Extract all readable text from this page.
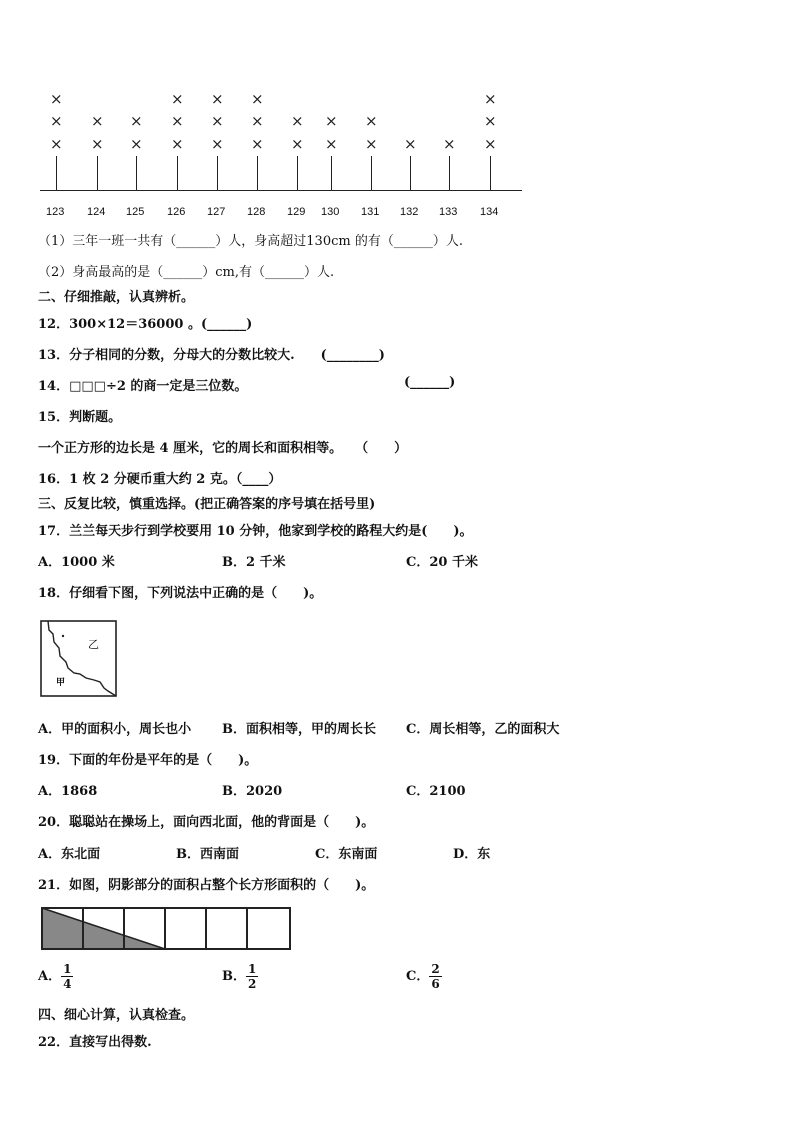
123
×
×
×
124
×
×
125
×
×
126
×
×
×
127
×
×
×
128
×
×
×
129
×
×
130
×
×
131
×
×
132
×
133
×
134
×
×
×
（1）三年一班一共有（______）人，身高超过130cm 的有（______）人.
（2）身高最高的是（______）cm,有（______）人.
二、仔细推敲，认真辨析。
12．300×12＝36000 。(______)
13．分子相同的分数，分母大的分数比较大.　　(________)
14．□□□÷2 的商一定是三位数。	(______)
15．判断题。
一个正方形的边长是 4 厘米，它的周长和面积相等。　　（　　）
16．1 枚 2 分硬币重大约 2 克。（____）
三、反复比较，慎重选择。(把正确答案的序号填在括号里)
17．兰兰每天步行到学校要用 10 分钟，他家到学校的路程大约是(　　)。
A．1000 米	B．2 千米	C．20 千米
18．仔细看下图，下列说法中正确的是（　　)。
乙
甲
A．甲的面积小，周长也小 B．面积相等，甲的周长长 C．周长相等，乙的面积大
19．下面的年份是平年的是（　　)。
A．1868	B．2020	C．2100
20．聪聪站在操场上，面向西北面，他的背面是（　　)。
A．东北面	B．西南面	C．东南面	D．东
21．如图，阴影部分的面积占整个长方形面积的（　　)。
A． $\frac{1}{4}$	B． $\frac{1}{2}$	C． $\frac{2}{6}$
四、细心计算，认真检查。
22．直接写出得数.
